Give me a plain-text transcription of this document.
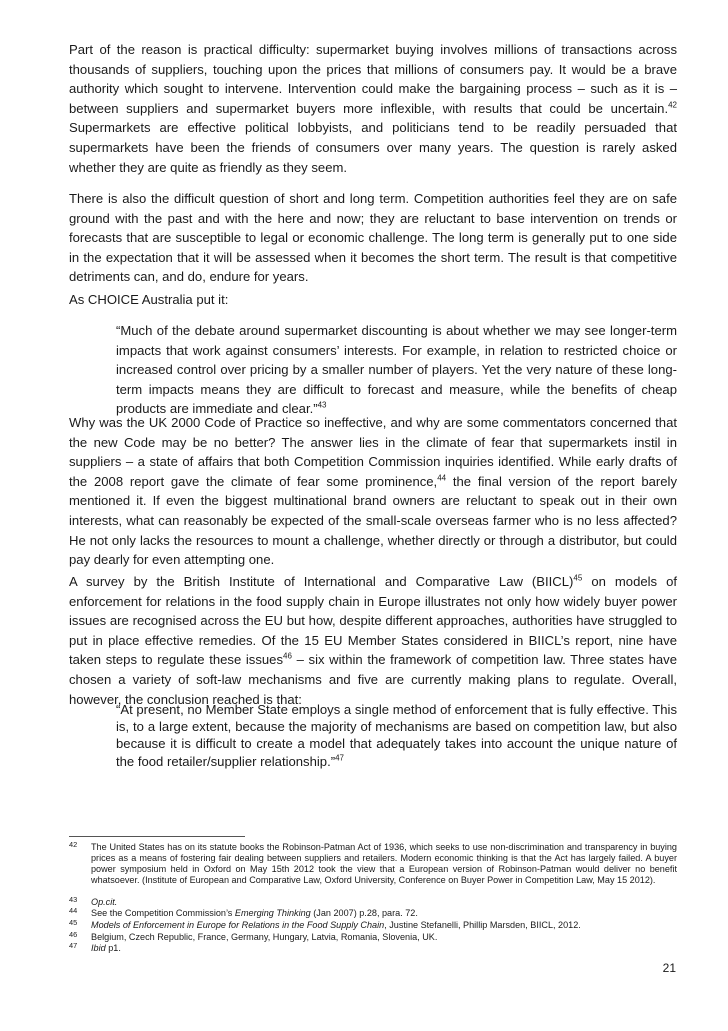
Part of the reason is practical difficulty: supermarket buying involves millions of transactions across thousands of suppliers, touching upon the prices that millions of consumers pay. It would be a brave authority which sought to intervene. Intervention could make the bargaining process – such as it is – between suppliers and supermarket buyers more inflexible, with results that could be uncertain.$^{42}$ Supermarkets are effective political lobbyists, and politicians tend to be readily persuaded that supermarkets have been the friends of consumers over many years. The question is rarely asked whether they are quite as friendly as they seem.

There is also the difficult question of short and long term. Competition authorities feel they are on safe ground with the past and with the here and now; they are reluctant to base intervention on trends or forecasts that are susceptible to legal or economic challenge. The long term is generally put to one side in the expectation that it will be assessed when it becomes the short term. The result is that competitive detriments can, and do, endure for years.

As CHOICE Australia put it:

“Much of the debate around supermarket discounting is about whether we may see longer-term impacts that work against consumers’ interests. For example, in relation to restricted choice or increased control over pricing by a smaller number of players. Yet the very nature of these long-term impacts means they are difficult to forecast and measure, while the benefits of cheap products are immediate and clear.”$^{43}$

Why was the UK 2000 Code of Practice so ineffective, and why are some commentators concerned that the new Code may be no better? The answer lies in the climate of fear that supermarkets instil in suppliers – a state of affairs that both Competition Commission inquiries identified. While early drafts of the 2008 report gave the climate of fear some prominence,$^{44}$ the final version of the report barely mentioned it. If even the biggest multinational brand owners are reluctant to speak out in their own interests, what can reasonably be expected of the small-scale overseas farmer who is no less affected? He not only lacks the resources to mount a challenge, whether directly or through a distributor, but could pay dearly for even attempting one.

A survey by the British Institute of International and Comparative Law (BIICL)$^{45}$ on models of enforcement for relations in the food supply chain in Europe illustrates not only how widely buyer power issues are recognised across the EU but how, despite different approaches, authorities have struggled to put in place effective remedies. Of the 15 EU Member States considered in BIICL’s report, nine have taken steps to regulate these issues$^{46}$ – six within the framework of competition law. Three states have chosen a variety of soft-law mechanisms and five are currently making plans to regulate. Overall, however, the conclusion reached is that:

“At present, no Member State employs a single method of enforcement that is fully effective. This is, to a large extent, because the majority of mechanisms are based on competition law, but also because it is difficult to create a model that adequately takes into account the unique nature of the food retailer/supplier relationship.”$^{47}$

42 The United States has on its statute books the Robinson-Patman Act of 1936, which seeks to use non-discrimination and transparency in buying prices as a means of fostering fair dealing between suppliers and retailers. Modern economic thinking is that the Act has largely failed. A buyer power symposium held in Oxford on May 15th 2012 took the view that a European version of Robinson-Patman would deliver no benefit whatsoever. (Institute of European and Comparative Law, Oxford University, Conference on Buyer Power in Competition Law, May 15 2012).
43 Op.cit.
44 See the Competition Commission’s Emerging Thinking (Jan 2007) p.28, para. 72.
45 Models of Enforcement in Europe for Relations in the Food Supply Chain, Justine Stefanelli, Phillip Marsden, BIICL, 2012.
46 Belgium, Czech Republic, France, Germany, Hungary, Latvia, Romania, Slovenia, UK.
47 Ibid p1.
21
